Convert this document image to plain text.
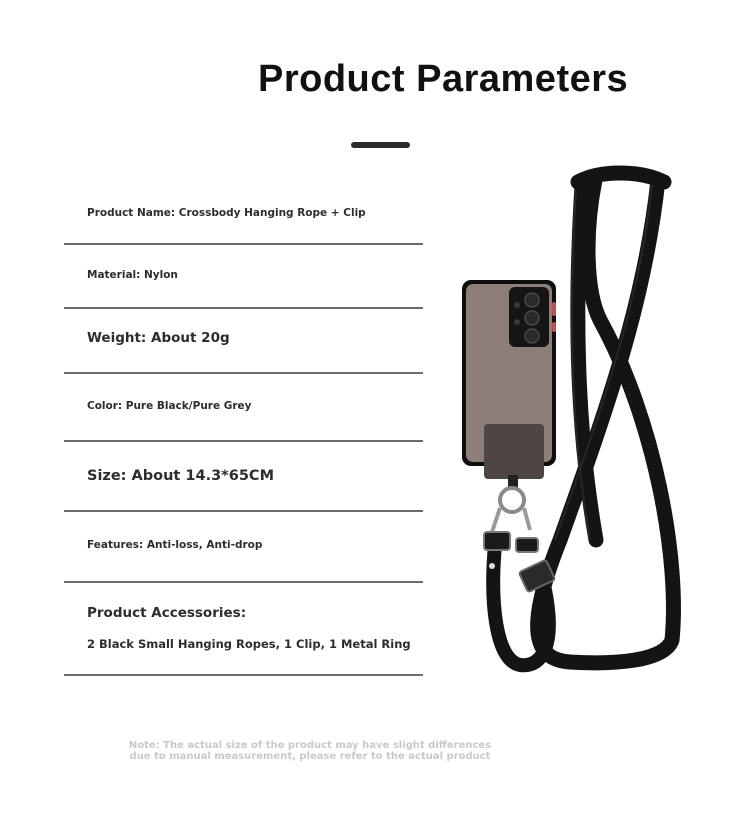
Product Parameters
Product Name: Crossbody Hanging Rope + Clip
Material: Nylon
Weight: About 20g
Color: Pure Black/Pure Grey
Size: About 14.3*65CM
Features: Anti-loss, Anti-drop
Product Accessories:
2 Black Small Hanging Ropes, 1 Clip, 1 Metal Ring
Note: The actual size of the product may have slight differences
due to manual measurement, please refer to the actual product
